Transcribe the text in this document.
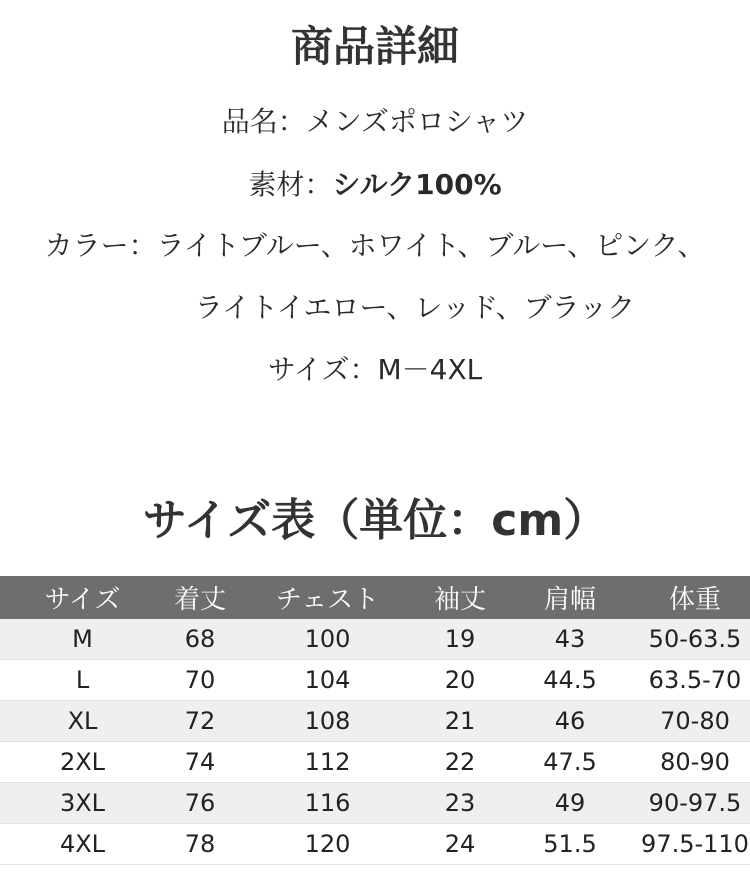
商品詳細
品名：メンズポロシャツ
素材：シルク100%
カラー：ライトブルー、ホワイト、ブルー、ピンク、
ライトイエロー、レッド、ブラック
サイズ：M－4XL
サイズ表（単位：cm）
サイズ	着丈	チェスト	袖丈	肩幅	体重
M	68	100	19	43	50-63.5
L	70	104	20	44.5	63.5-70
XL	72	108	21	46	70-80
2XL	74	112	22	47.5	80-90
3XL	76	116	23	49	90-97.5
4XL	78	120	24	51.5	97.5-110
